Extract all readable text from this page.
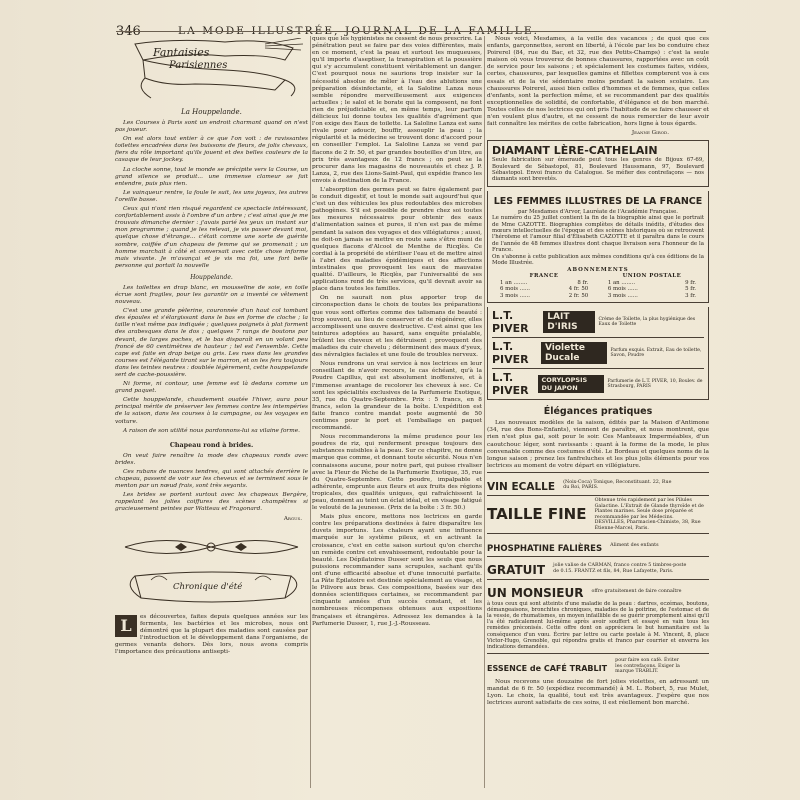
346	LA MODE ILLUSTRÉE, JOURNAL DE LA FAMILLE.
Fantaisies
Parisiennes
La Houppelande.

Les Courses à Paris sont un endroit charmant quand on n'est pas joueur.

On est alors tout entier à ce que l'on voit : de ravissantes toilettes encadrées dans les buissons de fleurs, de jolis chevaux, fiers du rôle important qu'ils jouent et des belles couleurs de la casaque de leur jockey.

La cloche sonne, tout le monde se précipite vers la Course, un grand silence se produit... une immense clameur se fait entendre, puis plus rien.

Le vainqueur rentre, la foule le suit, les uns joyeux, les autres l'oreille basse.

Ceux qui n'ont rien risqué regardent ce spectacle intéressant, confortablement assis à l'ombre d'un arbre ; c'est ainsi que je me trouvais dimanche dernier : j'avais parié les yeux un instant sur mon programme ; quand je les relevai, je vis passer devant moi, quelque chose d'étrange... c'était comme une sorte de guérite sombre, coiffée d'un chapeau de femme qui se promenait ; un homme marchait à côté et conversait avec cette chose informe mais vivante. Je m'avançai et je vis ma foi, une fort belle personne qui portait la nouvelle

Houppelande.

Les toilettes en drap blanc, en mousseline de soie, en toile écrue sont fragiles, pour les garantir on a inventé ce vêtement nouveau.

C'est une grande pèlerine, couronnée d'un haut col tombant des épaules et s'élargissant dans le bas en forme de cloche ; la taille n'est même pas indiquée ; quelques poignets à plat forment des arabesques dans le dos ; quelques 7 rangs de boutons par devant, de larges poches, et le bas disparaît en un volant peu froncé de 60 centimètres de hauteur ; tel est l'ensemble. Cette cape est faite en drap beige ou gris. Les rues dans les grandes courses est l'élégante tirant sur le marron, et on les fera toujours dans les teintes neutres : doublée légèrement, cette houppelande sert de cache-poussière.

Ni forme, ni contour, une femme est là dedans comme un grand paquet.

Cette houppelande, chaudement ouatée l'hiver, aura pour principal mérite de préserver les femmes contre les intempéries de la saison, dans les courses à la campagne, ou les voyages en voiture.

A raison de son utilité nous pardonnons-lui sa vilaine forme.

Chapeau rond à brides.

On veut faire renaître la mode des chapeaux ronds avec brides.

Ces rubans de nuances tendres, qui sont attachés derrière le chapeau, passent de voir sur les cheveux et se terminent sous le menton par un nœud frais, sont très seyants.

Les brides se portent surtout avec les chapeaux Bergère, rappelant les jolies coiffures des scènes champêtres si gracieusement peintes par Watteau et Fragonard.

Argus.
Chronique d'été
L	es découvertes, faites depuis quelques années sur les ferments, les bactéries et les microbes, nous ont démontré que la plupart des maladies sont causées par l'introduction et le développement dans l'organisme, de germes venants dehors. Dès lors, nous avons compris l'importance des précautions antisepti-

ques que les hygiénistes ne cessent de nous prescrire. La pénétration peut se faire par des voies différentes, mais en ce moment, c'est la peau et surtout les muqueuses, qu'il importe d'aseptiser, la transpiration et la poussière qui s'y accumulent constituent véritablement un danger. C'est pourquoi nous ne saurions trop insister sur la nécessité absolue de mêler à l'eau des ablutions une préparation désinfectante, et la Saloline Lanza nous semble répondre merveilleusement aux exigences actuelles ; le salol et le borate qui la composent, ne font rien de préjudiciable et, en même temps, leur parfum délicieux lui donne toutes les qualités d'agrément que l'on exige des Eaux de toilette. La Saloline Lanza est sans rivale pour adoucir, bouffir, assouplir la peau ; la régularité et la médecine se trouvent donc d'accord pour en conseiller l'emploi. La Saloline Lanza se vend par flacons de 2 fr. 50, et par grandes bouteilles d'un litre, au prix très avantageux de 12 francs ; on peut se la procurer dans les magasins de nouveautés et chez J. P. Lanza, 2, rue des Lions-Saint-Paul, qui expédie franco les envois à destination de la France.

L'absorption des germes peut se faire également par le conduit digestif, et tout le monde sait aujourd'hui que c'est un des véhicules les plus redoutables des microbes pathogènes. S'il est possible de prendre chez soi toutes les mesures nécessaires pour obtenir des eaux d'alimentation saines et pures, il n'en est pas de même pendant la saison des voyages et des villégiatures ; aussi, ne doit-on jamais se mettre en route sans s'être muni de quelques flacons d'Alcool de Menthe de Ricqlès. Ce cordial à la propriété de stériliser l'eau et de mettre ainsi à l'abri des maladies épidémiques et des affections intestinales que provoquent les eaux de mauvaise qualité. D'ailleurs, le Ricqlès, par l'universalité de ses applications rend de très services, qu'il devrait avoir sa place dans toutes les familles.

On ne saurait non plus apporter trop de circonspection dans le choix de toutes les préparations que vous sont offertes comme des talismans de beauté : trop souvent, au lieu de conserver et de régénérer, elles accomplissent une œuvre destructive. C'est ainsi que les teintures adoptées au hasard, sans enquête préalable, brûlent les cheveux et les détruisent ; provoquent des maladies du cuir chevelu ; déterminent des maux d'yeux, des névralgies faciales et une foule de troubles nerveux.

Nous rendrons un vrai service à nos lectrices en leur conseillant de n'avoir recours, le cas échéant, qu'à la Poudre Capillus, qui est absolument inoffensive, et à l'immense avantage de recolorer les cheveux à sec. Ce sont les spécialités exclusives de la Parfumerie Exotique, 35, rue du Quatre-Septembre. Prix : 5 francs, en 8 francs, selon la grandeur de la boîte. L'expédition est faite franco contre mandat poste augmenté de 50 centimes pour le port et l'emballage en paquet recommandé.

Nous recommanderons la même prudence pour les poudres de riz, qui renferment presque toujours des substances nuisibles à la peau. Sur ce chapitre, ne donne marque que comme, et donnant toute sécurité. Nous n'en connaissons aucune, pour notre part, qui puisse rivaliser avec la Fleur de Pêche de la Parfumerie Exotique, 35, rue du Quatre-Septembre. Cette poudre, impalpable et adhérente, emprunte aux fleurs et aux fruits des régions tropicales, des qualités uniques, qui rafraîchissent la peau, donnent au teint un éclat idéal, et en visage fatigué le velouté de la jeunesse. (Prix de la boîte : 3 fr. 50.)

Mais plus encore, mettons nos lectrices en garde contre les préparations destinées à faire disparaître les duvets importuns. Les chaleurs ayant une influence marquée sur le système pileux, et en activant la croissance, c'est en cette saison surtout qu'on cherche un remède contre cet envahissement, redoutable pour la beauté. Les Dépilatoires Dusser sont les seuls que nous puissions recommander sans scrupules, sachant qu'ils ont d'une efficacité absolue et d'une innocuité parfaite. La Pâte Épilatoire est destinée spécialement au visage, et le Pilivore aux bras. Ces compositions, basées sur des données scientifiques certaines, se recommandent par cinquante années d'un succès constant, et les nombreuses récompenses obtenues aux expositions françaises et étrangères. Adressez les demandes à la Parfumerie Dusser, 1, rue J.-J.-Rousseau.

Nous voici, Mesdames, à la veille des vacances ; de quoi que ces enfants, garçonnettes, seront en liberté, à l'école par les bo conduire chez Poirerel (84, rue du Bac, et 32, rue des Petits-Champs) : c'est la seule maison où vous trouverez de bonnes chaussures, rapportées avec un coût de service pour les saisons ; et spécialement les costumes faites, vidées, certes, chaussures, par lesquelles gamins et fillettes compterent vos à ces essais et de la vie sédentaire moins pendant la saison scolaire. Les chaussures Poirerel, aussi bien celles d'hommes et de femmes, que celles d'enfants, sont la perfection même, et se recommandent par des qualités exceptionnelles de solidité, de confortable, d'élégance et de bon marché. Toutes celles de nos lectrices qui ont pris l'habitude de se faire chausser et n'en voulent plus d'autre, et ne cessent de nous remercier de leur avoir fait connaître les mérites de cette fabrication, hors ligne à tous égards.

Jeanne Girod.
DIAMANT LÈRE-CATHELAIN
Seule fabrication sur émeraude peut tous les genres de Bijoux 67-69, Boulevard de Sébastopol, 81, Boulevard Haussmann, 97, Boulevard Sébastopol. Envoi franco du Catalogue. Se méfier des contrefaçons — nos diamants sont brevetés.
LES FEMMES ILLUSTRES DE LA FRANCE
par Mesdames d'Arvor, Lauréate de l'Académie Française.
Le numéro du 25 juillet contient la fin de la biographie ainsi que le portrait de Mme CAZOTTE. Biographies complètes de détails inédits, d'études des mœurs intellectuelles de l'époque et des scènes historiques où se retrouvent l'héroïsme et l'amour filial d'Élisabeth CAZOTTE et il paraîtra dans le cours de l'année de 48 femmes illustres dont chaque livraison sera l'honneur de la France.
On s'abonne à cette publication aux mêmes conditions qu'à ces éditions de la Mode Illustrée.
ABONNEMENTS
FRANCE
1 an ........	8 fr.
6 mois ......	4 fr. 50
3 mois ......	2 fr. 50
UNION POSTALE
1 an ........	9 fr.
6 mois ......	5 fr.
3 mois ......	3 fr.
L.T. PIVER
LAIT D'IRIS
Crème de Toilette, la plus hygiénique des Eaux de Toilette
L.T. PIVER
Violette Ducale
Parfum exquis. Extrait, Eau de toilette, Savon, Poudre
L.T. PIVER
CORYLOPSIS DU JAPON
Parfumerie de L.T. PIVER, 10, Boulev. de Strasbourg, PARIS
Élégances pratiques

Les nouveaux modèles de la saison, édités par la Maison d'Antimone (34, rue des Bons-Enfants), viennent de paraître, et nous montrent, que rien n'est plus gai, soit pour le soir. Ces Manteaux Imperméables, d'un caoutchouc léger, sont ravissants : quant à la forme de la mode, le plus convenable comme des costumes d'été. Le Bordeau et quelques noms de la longue saison ; prenez les fanfreluches et les plus jolis éléments pour vos lectrices au moment de votre départ en villégiature.

VIN ECALLE (Noix-Coca) Tonique, Reconstituant. 22, Rue du Roi, PARIS.
TAILLE FINE Obtenue très rapidement par les Pilules Galactine. L'Extrait de Glande thyroïde et de Plantes marines. Seule dose préparée et recommandée par les Médecins. DESVILLES, Pharmacien-Chimiste, 38, Rue Étienne-Marcel, Paris.
PHOSPHATINE FALIÈRES Aliment des enfants
GRATUIT jolie valise de CARMAN, franco contre 5 timbres-poste de 0.15. FRANTZ et fils, 84, Rue Lafayette, Paris.
UN MONSIEUR offre gratuitement de faire connaître

à tous ceux qui sont atteints d'une maladie de la peau : dartres, eczémas, boutons, démangeaisons, bronchites chroniques, maladies de la poitrine, de l'estomac et de la vessie, de rhumatismes, un moyen infaillible de se guérir promptement ainsi qu'il l'a été radicalement lui-même après avoir souffert et essayé en vain tous les remèdes préconisés. Cette offre dont on appréciera le but humanitaire est la conséquence d'un vœu. Écrire par lettre ou carte postale à M. Vincent, 8, place Victor-Hugo, Grenoble, qui répondra gratis et franco par courrier et enverra les indications demandées.

ESSENCE de CAFÉ TRABLIT pour faire son café. Éviter les contrefaçons. Exiger la marque TRABLIT.

Nous recevons une douzaine de fort jolies violettes, en adressant un mandat de 6 fr. 50 (expédiez recommandé) à M. L. Robert, 5, rue Mulet, Lyon. Le choix, la qualité, tout est très avantageux. J'espère que nos lectrices auront satisfaits de ces soins, il est réellement bon marché.
